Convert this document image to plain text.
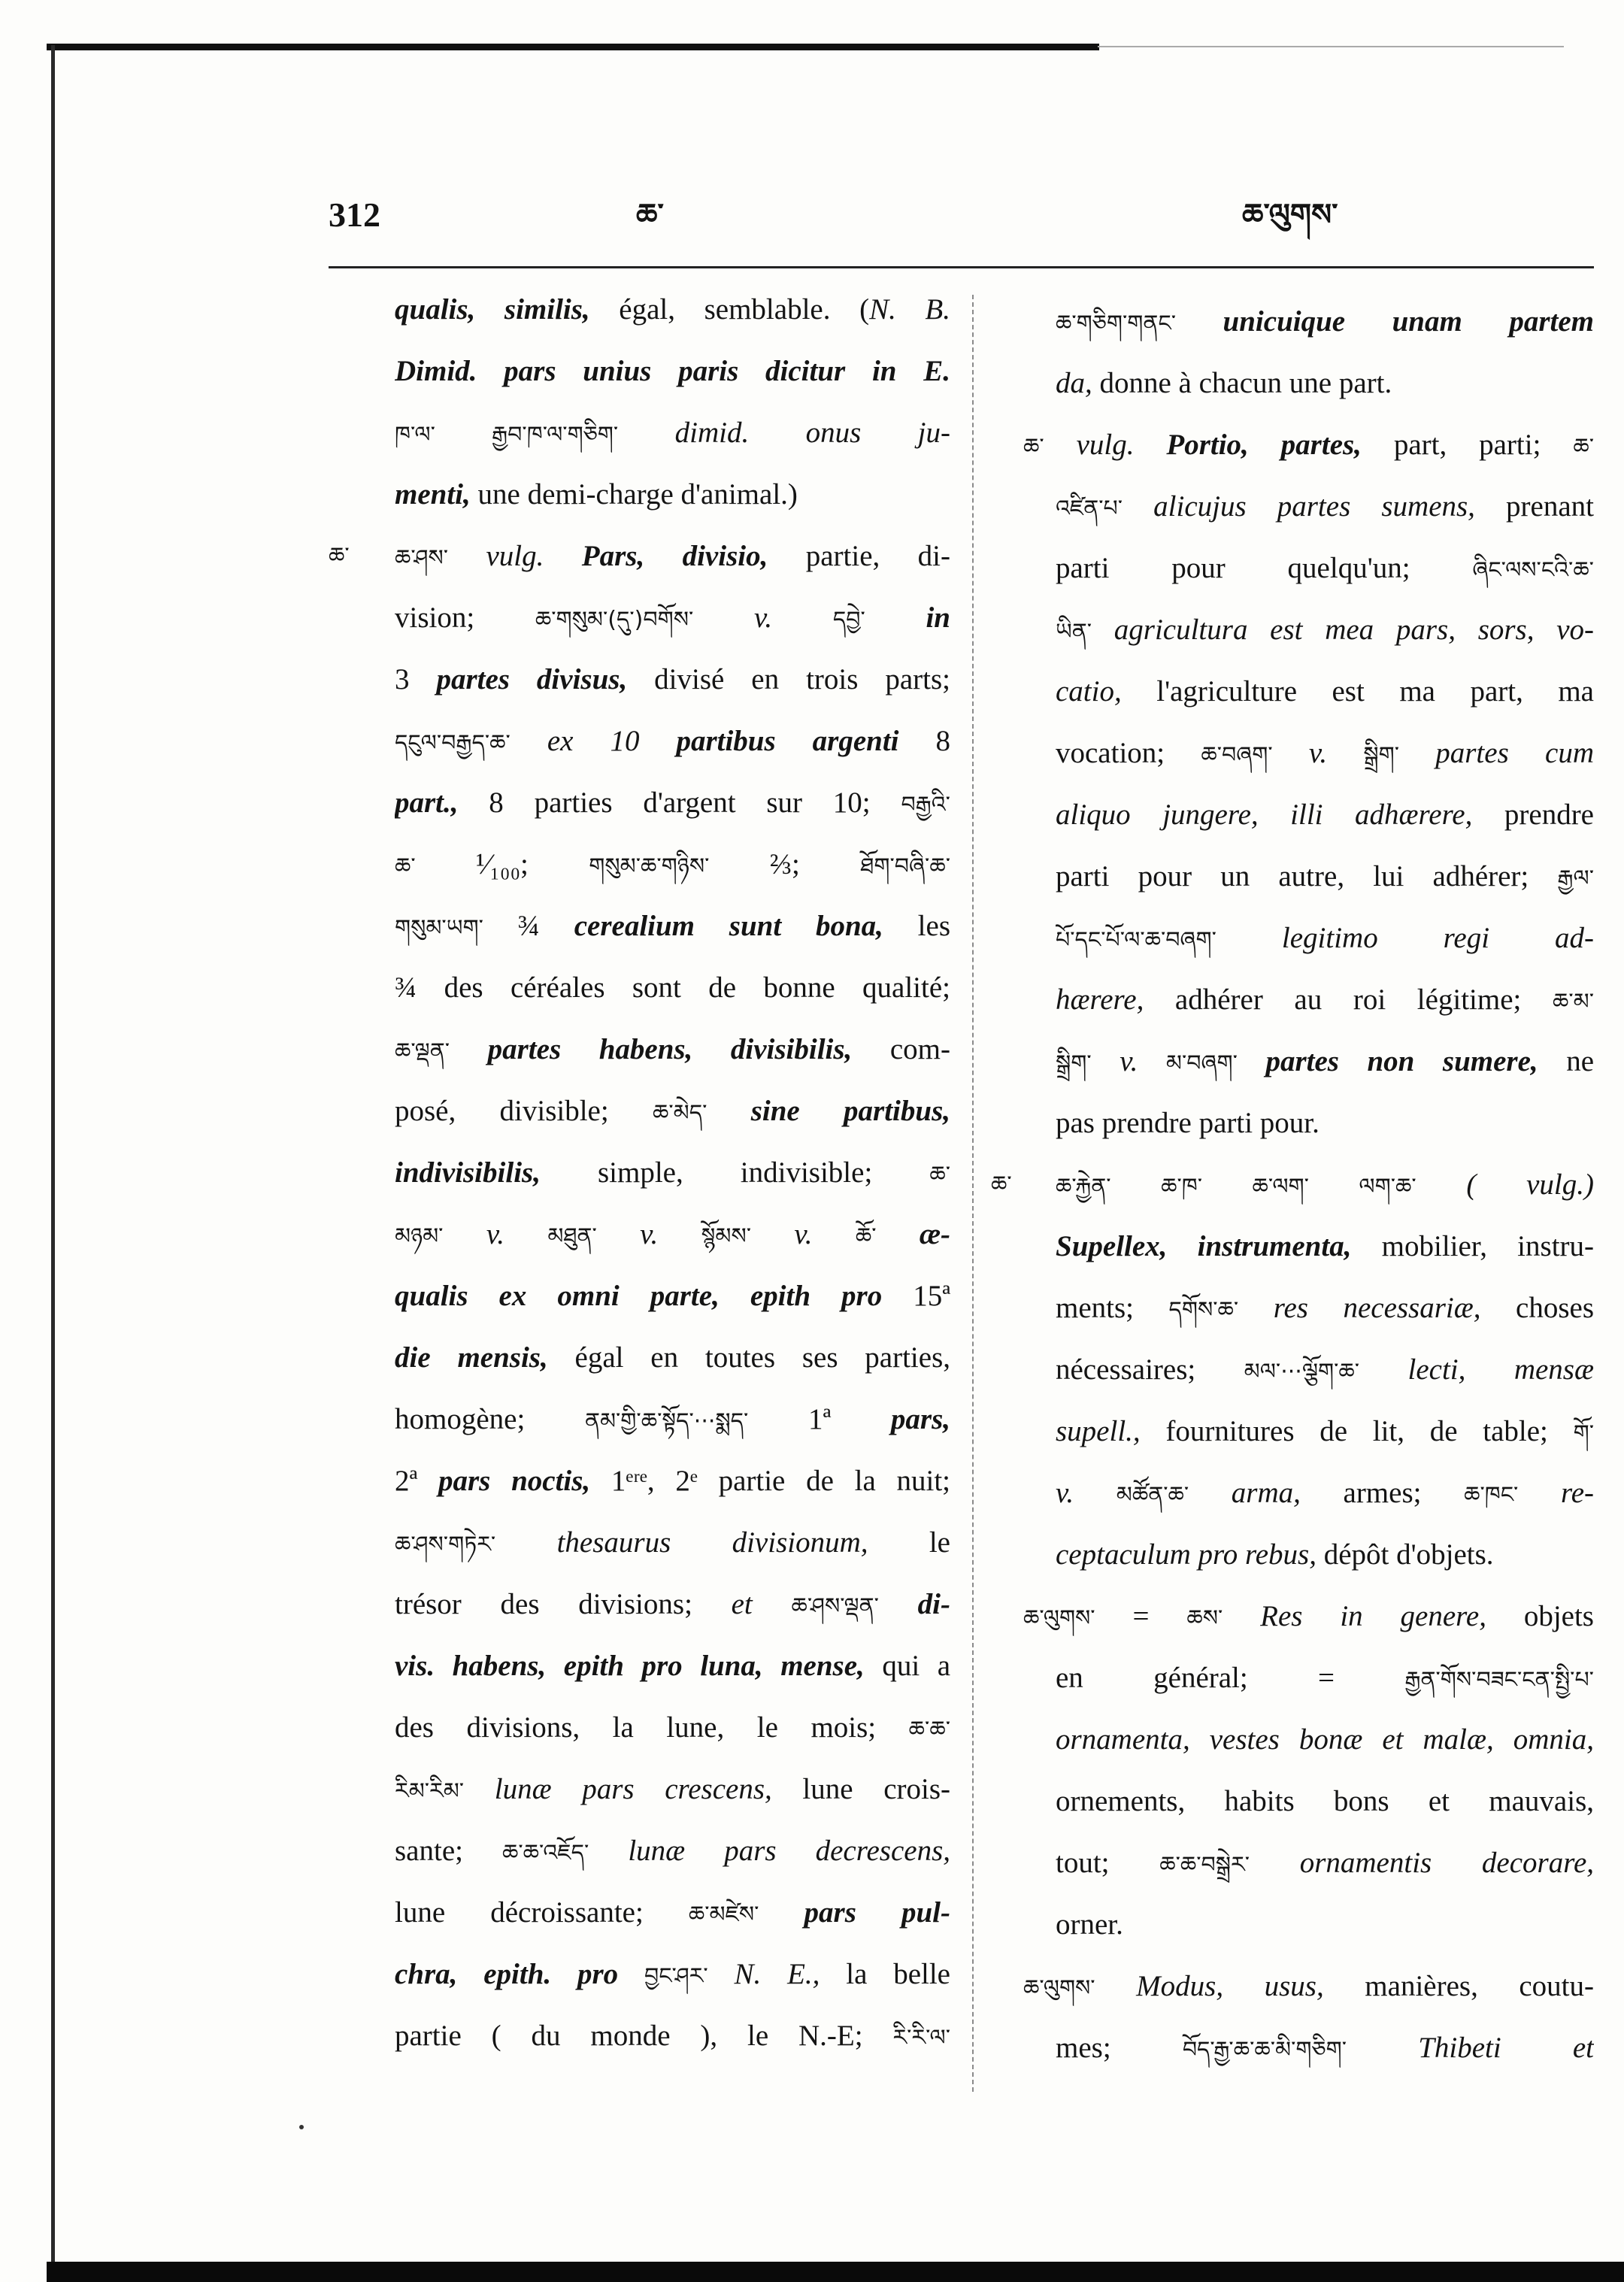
312	ཆ་	ཆ་ལུགས་
ཆ་
qualis, similis, égal, semblable. (N. B.
Dimid. pars unius paris dicitur in E.
ཁ་ལ་ རྒྱབ་ཁ་ལ་གཅིག་ dimid. onus ju-
menti, une demi-charge d'animal.)
ཆ་ཤས་ vulg. Pars, divisio, partie, di-
vision; ཆ་གསུམ་(དུ་)བགོས་ v. དབྱེ་ in
3 partes divisus, divisé en trois parts;
དངུལ་བརྒྱད་ཆ་ ex 10 partibus argenti 8
part., 8 parties d'argent sur 10; བརྒྱའི་
ཆ་ ¹⁄₁₀₀; གསུམ་ཆ་གཉིས་ ⅔; ཐོག་བཞི་ཆ་
གསུམ་ཡག་ ¾ cerealium sunt bona, les
¾ des céréales sont de bonne qualité;
ཆ་ལྡན་ partes habens, divisibilis, com-
posé, divisible; ཆ་མེད་ sine partibus,
indivisibilis, simple, indivisible; ཆ་
མཉམ་ v. མཐུན་ v. སྙོམས་ v. ཆོ་ æ-
qualis ex omni parte, epith pro 15ª
die mensis, égal en toutes ses parties,
homogène; ནམ་གྱི་ཆ་སྟོད་···སྨད་ 1ª pars,
2ª pars noctis, 1ᵉʳᵉ, 2ᵉ partie de la nuit;
ཆ་ཤས་གཏེར་ thesaurus divisionum, le
trésor des divisions; et ཆ་ཤས་ལྡན་ di-
vis. habens, epith pro luna, mense, qui a
des divisions, la lune, le mois; ཆ་ཆ་
རིམ་རིམ་ lunæ pars crescens, lune crois-
sante; ཆ་ཆ་འཇོད་ lunæ pars decrescens,
lune décroissante; ཆ་མཛེས་ pars pul-
chra, epith. pro བྱང་ཤར་ N. E., la belle
partie ( du monde ), le N.-E; རི་རི་ལ་
ཆ་
ཆ་གཅིག་གནང་ unicuique unam partem
da, donne à chacun une part.
ཆ་ vulg. Portio, partes, part, parti; ཆ་
འཛིན་པ་ alicujus partes sumens, prenant
parti pour quelqu'un; ཞིང་ལས་ངའི་ཆ་
ཡིན་ agricultura est mea pars, sors, vo-
catio, l'agriculture est ma part, ma
vocation; ཆ་བཞག་ v. སྒྲིག་ partes cum
aliquo jungere, illi adhærere, prendre
parti pour un autre, lui adhérer; རྒྱལ་
པོ་དང་པོ་ལ་ཆ་བཞག་ legitimo regi ad-
hærere, adhérer au roi légitime; ཆ་མ་
སྒྲིག་ v. མ་བཞག་ partes non sumere, ne
pas prendre parti pour.
ཆ་རྐྱེན་ ཆ་ཁ་ ཆ་ལག་ ལག་ཆ་ ( vulg.)
Supellex, instrumenta, mobilier, instru-
ments; དགོས་ཆ་ res necessariæ, choses
nécessaires; མལ་···ལྕོག་ཆ་ lecti, mensæ
supell., fournitures de lit, de table; གོ་
v. མཚོན་ཆ་ arma, armes; ཆ་ཁང་ re-
ceptaculum pro rebus, dépôt d'objets.
ཆ་ལུགས་ = ཆས་ Res in genere, objets
en général; = རྒྱན་གོས་བཟང་ངན་སྤྱི་པ་
ornamenta, vestes bonæ et malæ, omnia,
ornements, habits bons et mauvais,
tout; ཆ་ཆ་བསྒྲེར་ ornamentis decorare,
orner.
ཆ་ལུགས་ Modus, usus, manières, coutu-
mes; བོད་རྒྱ་ཆ་ཆ་མི་གཅིག་ Thibeti et
